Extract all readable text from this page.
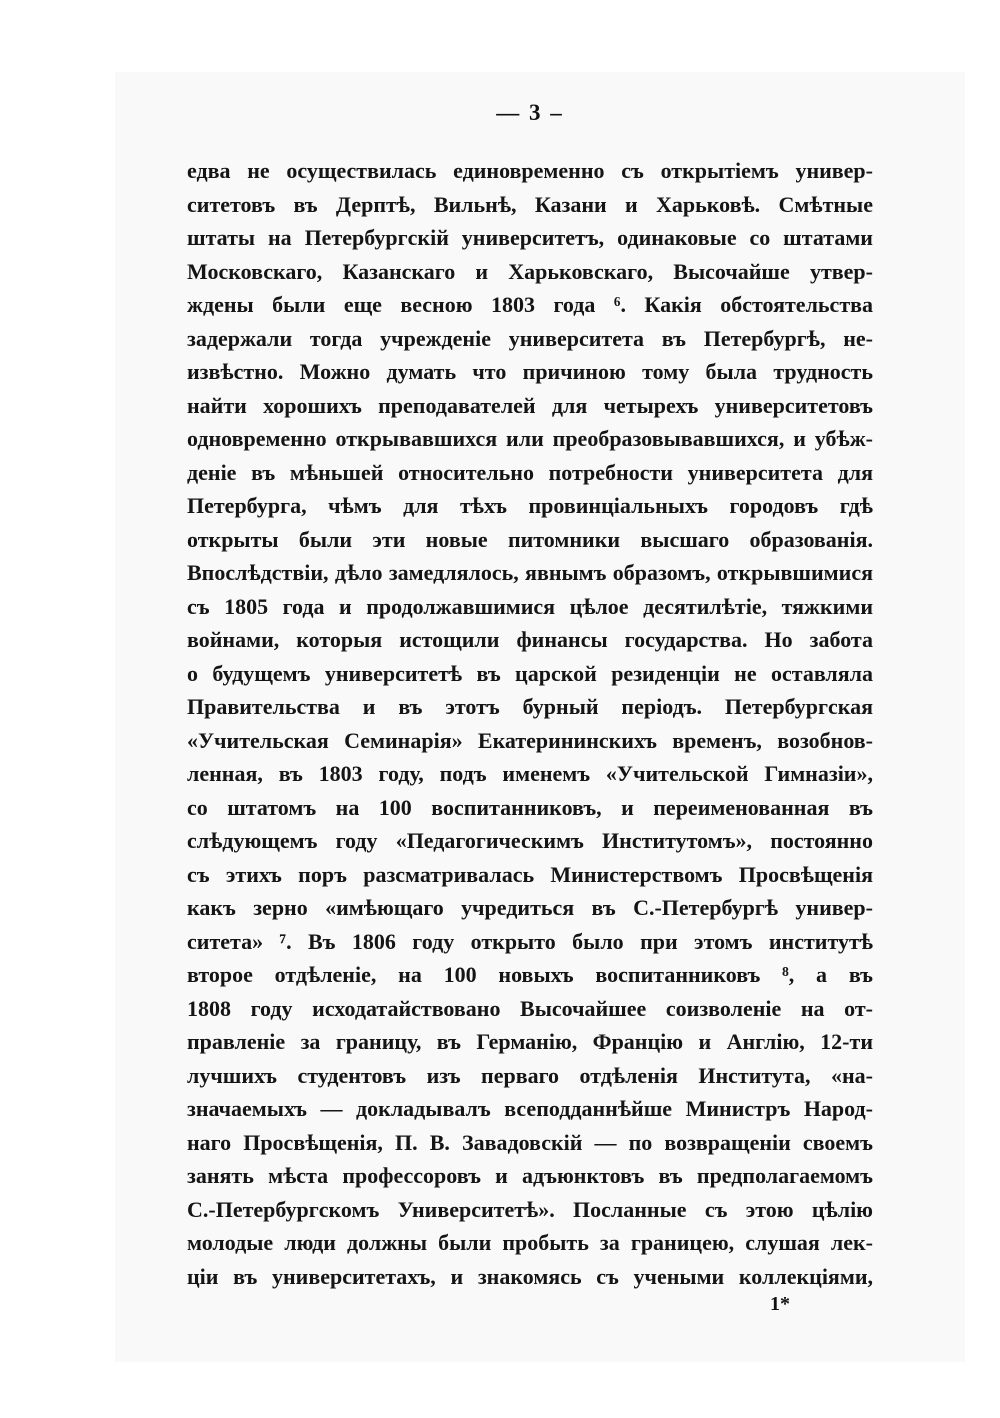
— 3 –
едва не осуществилась единовременно съ открытіемъ универ-
ситетовъ въ Дерптѣ, Вильнѣ, Казани и Харьковѣ. Смѣтные
штаты на Петербургскій университетъ, одинаковые со штатами
Московскаго, Казанскаго и Харьковскаго, Высочайше утвер-
ждены были еще весною 1803 года ⁶. Какія обстоятельства
задержали тогда учрежденіе университета въ Петербургѣ, не-
извѣстно. Можно думать что причиною тому была трудность
найти хорошихъ преподавателей для четырехъ университетовъ
одновременно открывавшихся или преобразовывавшихся, и убѣж-
деніе въ мѣньшей относительно потребности университета для
Петербурга, чѣмъ для тѣхъ провинціальныхъ городовъ гдѣ
открыты были эти новые питомники высшаго образованія.
Впослѣдствіи, дѣло замедлялось, явнымъ образомъ, открывшимися
съ 1805 года и продолжавшимися цѣлое десятилѣтіе, тяжкими
войнами, которыя истощили финансы государства. Но забота
о будущемъ университетѣ въ царской резиденціи не оставляла
Правительства и въ этотъ бурный періодъ. Петербургская
«Учительская Семинарія» Екатерининскихъ временъ, возобнов-
ленная, въ 1803 году, подъ именемъ «Учительской Гимназіи»,
со штатомъ на 100 воспитанниковъ, и переименованная въ
слѣдующемъ году «Педагогическимъ Институтомъ», постоянно
съ этихъ поръ разсматривалась Министерствомъ Просвѣщенія
какъ зерно «имѣющаго учредиться въ С.-Петербургѣ универ-
ситета» ⁷. Въ 1806 году открыто было при этомъ институтѣ
второе отдѣленіе, на 100 новыхъ воспитанниковъ ⁸, а въ
1808 году исходатайствовано Высочайшее соизволеніе на от-
правленіе за границу, въ Германію, Францію и Англію, 12-ти
лучшихъ студентовъ изъ перваго отдѣленія Института, «на-
значаемыхъ — докладывалъ всеподданнѣйше Министръ Народ-
наго Просвѣщенія, П. В. Завадовскій — по возвращеніи своемъ
занять мѣста профессоровъ и адъюнктовъ въ предполагаемомъ
С.-Петербургскомъ Университетѣ». Посланные съ этою цѣлію
молодые люди должны были пробыть за границею, слушая лек-
ціи въ университетахъ, и знакомясь съ учеными коллекціями,
1*
